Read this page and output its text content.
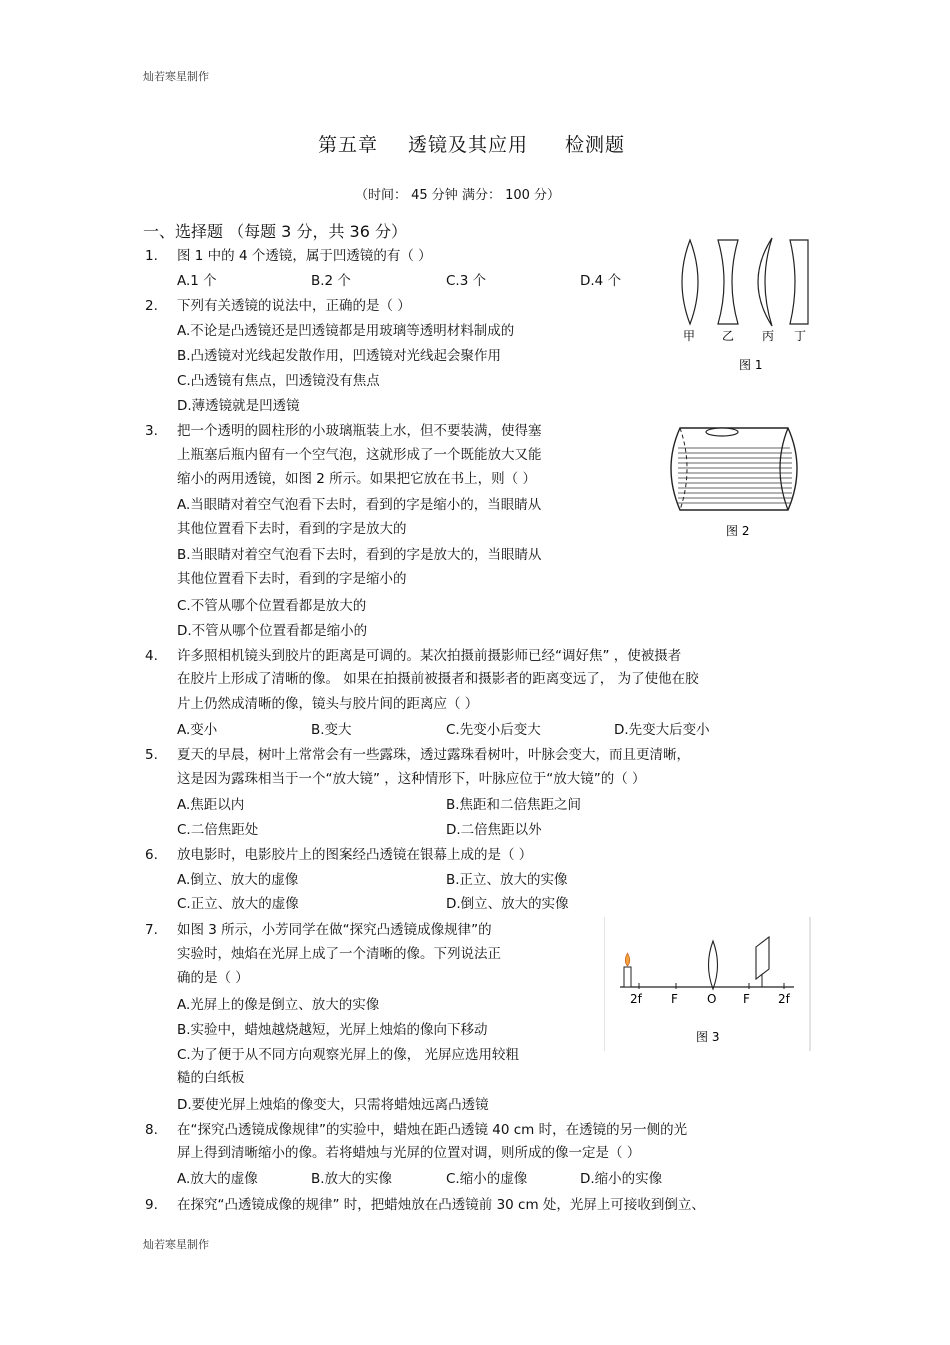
灿若寒星制作
第五章 透镜及其应用 检测题
（时间： 45 分钟 满分： 100 分）
一、选择题 （每题 3 分，共 36 分）
1. 图 1 中的 4 个透镜，属于凹透镜的有（ ）
A.1 个	B.2 个	C.3 个	D.4 个
2. 下列有关透镜的说法中，正确的是（ ）
A.不论是凸透镜还是凹透镜都是用玻璃等透明材料制成的
B.凸透镜对光线起发散作用，凹透镜对光线起会聚作用
C.凸透镜有焦点，凹透镜没有焦点
D.薄透镜就是凹透镜
甲 乙 丙 丁
图 1
3. 把一个透明的圆柱形的小玻璃瓶装上水，但不要装满，使得塞
上瓶塞后瓶内留有一个空气泡，这就形成了一个既能放大又能
缩小的两用透镜，如图 2 所示。如果把它放在书上，则（ ）
A.当眼睛对着空气泡看下去时，看到的字是缩小的，当眼睛从
其他位置看下去时，看到的字是放大的
B.当眼睛对着空气泡看下去时，看到的字是放大的，当眼睛从
其他位置看下去时，看到的字是缩小的
C.不管从哪个位置看都是放大的
D.不管从哪个位置看都是缩小的
图 2
4. 许多照相机镜头到胶片的距离是可调的。某次拍摄前摄影师已经“调好焦” ，使被摄者
在胶片上形成了清晰的像。 如果在拍摄前被摄者和摄影者的距离变远了， 为了使他在胶
片上仍然成清晰的像，镜头与胶片间的距离应（ ）
A.变小	B.变大	C.先变小后变大	D.先变大后变小
5. 夏天的早晨，树叶上常常会有一些露珠，透过露珠看树叶，叶脉会变大，而且更清晰，
这是因为露珠相当于一个“放大镜” ，这种情形下，叶脉应位于“放大镜”的（ ）
A.焦距以内	B.焦距和二倍焦距之间
C.二倍焦距处	D.二倍焦距以外
6. 放电影时，电影胶片上的图案经凸透镜在银幕上成的是（ ）
A.倒立、放大的虚像	B.正立、放大的实像
C.正立、放大的虚像	D.倒立、放大的实像
7. 如图 3 所示，小芳同学在做“探究凸透镜成像规律”的
实验时，烛焰在光屏上成了一个清晰的像。下列说法正
确的是（ ）
A.光屏上的像是倒立、放大的实像
B.实验中，蜡烛越烧越短，光屏上烛焰的像向下移动
C.为了便于从不同方向观察光屏上的像， 光屏应选用较粗
糙的白纸板
D.要使光屏上烛焰的像变大，只需将蜡烛远离凸透镜
2f F O F 2f
图 3
8. 在“探究凸透镜成像规律”的实验中，蜡烛在距凸透镜 40 cm 时，在透镜的另一侧的光
屏上得到清晰缩小的像。若将蜡烛与光屏的位置对调，则所成的像一定是（ ）
A.放大的虚像	B.放大的实像	C.缩小的虚像	D.缩小的实像
9. 在探究“凸透镜成像的规律” 时，把蜡烛放在凸透镜前 30 cm 处，光屏上可接收到倒立、
灿若寒星制作
